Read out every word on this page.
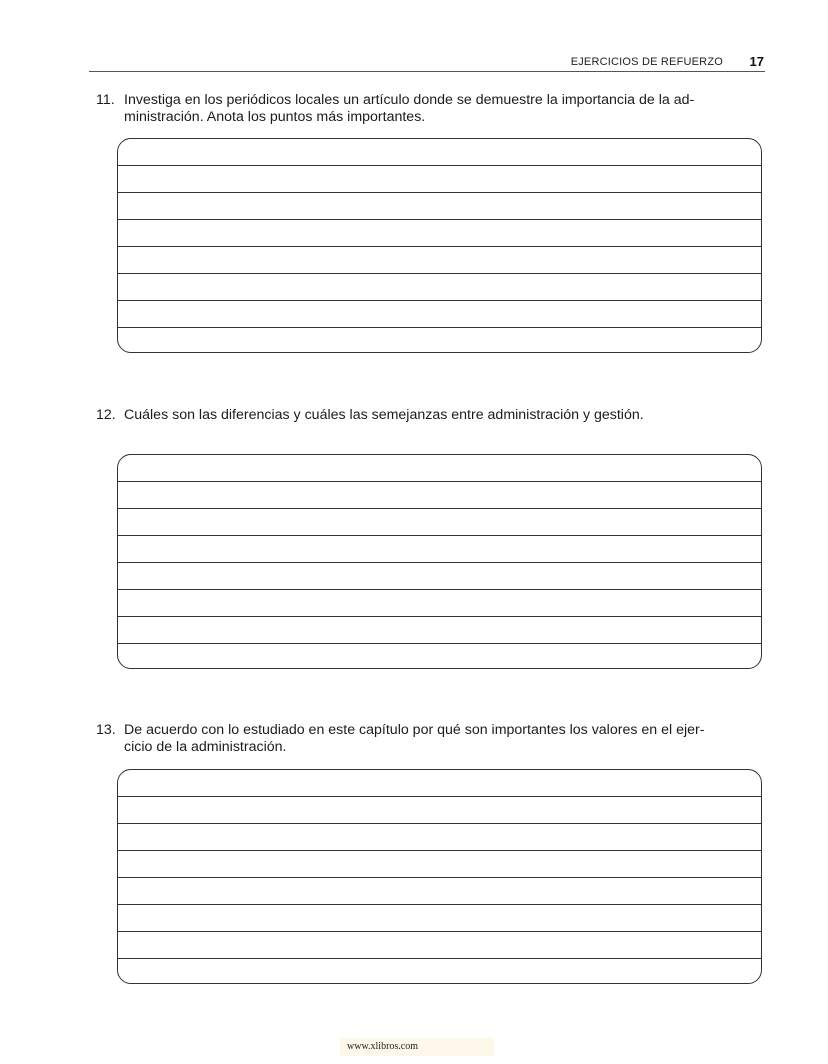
EJERCICIOS DE REFUERZO 17
11. Investiga en los periódicos locales un artículo donde se demuestre la importancia de la ad-
ministración. Anota los puntos más importantes.
12. Cuáles son las diferencias y cuáles las semejanzas entre administración y gestión.
13. De acuerdo con lo estudiado en este capítulo por qué son importantes los valores en el ejer-
cicio de la administración.
www.xlibros.com
